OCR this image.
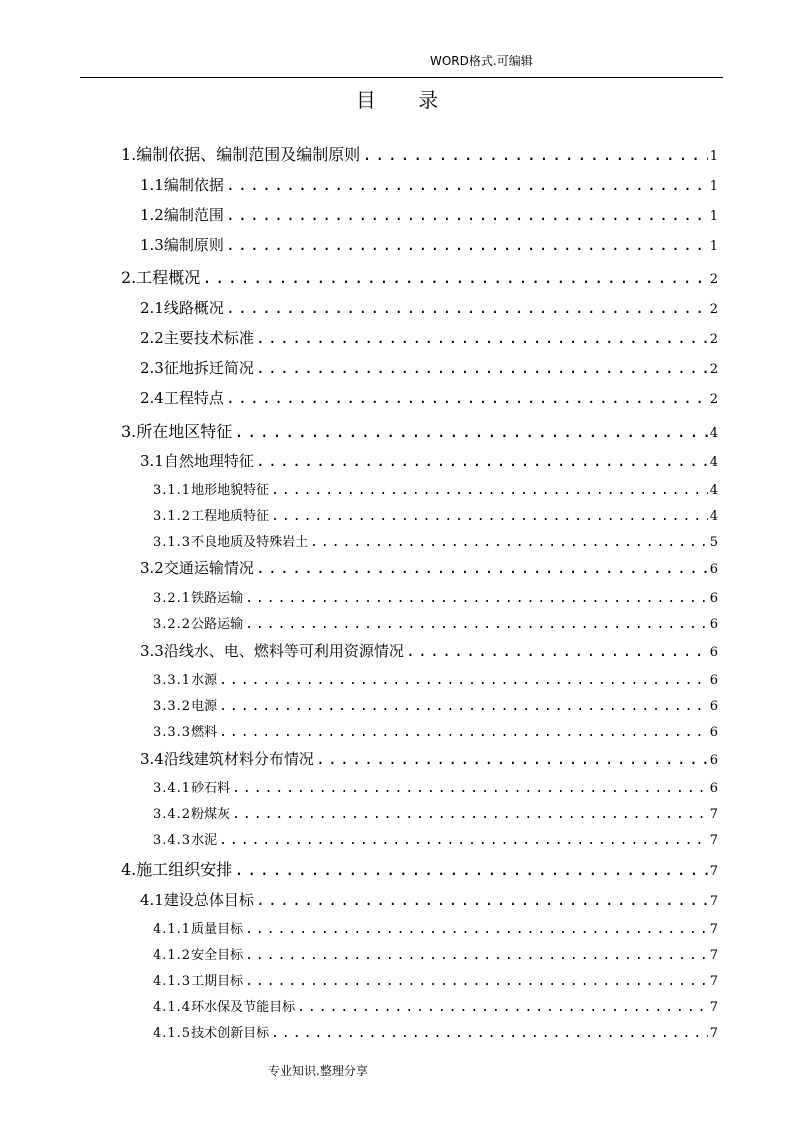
WORD格式.可编辑
目 录
1. 编制依据、编制范围及编制原则 .....	1
1.1 编制依据 .....	1
1.2 编制范围 .....	1
1.3 编制原则 .....	1
2. 工程概况 .....	2
2.1 线路概况 .....	2
2.2 主要技术标准 .....	2
2.3 征地拆迁简况 .....	2
2.4 工程特点 .....	2
3. 所在地区特征 .....	4
3.1 自然地理特征 .....	4
3.1.1 地形地貌特征 .....	4
3.1.2 工程地质特征 .....	4
3.1.3 不良地质及特殊岩土 .....	5
3.2 交通运输情况 .....	6
3.2.1 铁路运输 .....	6
3.2.2 公路运输 .....	6
3.3 沿线水、电、燃料等可利用资源情况 .....	6
3.3.1 水源 .....	6
3.3.2 电源 .....	6
3.3.3 燃料 .....	6
3.4 沿线建筑材料分布情况 .....	6
3.4.1 砂石料 .....	6
3.4.2 粉煤灰 .....	7
3.4.3 水泥 .....	7
4. 施工组织安排 .....	7
4.1 建设总体目标 .....	7
4.1.1 质量目标 .....	7
4.1.2 安全目标 .....	7
4.1.3 工期目标 .....	7
4.1.4 环水保及节能目标 .....	7
4.1.5 技术创新目标 .....	7
专业知识.整理分享
